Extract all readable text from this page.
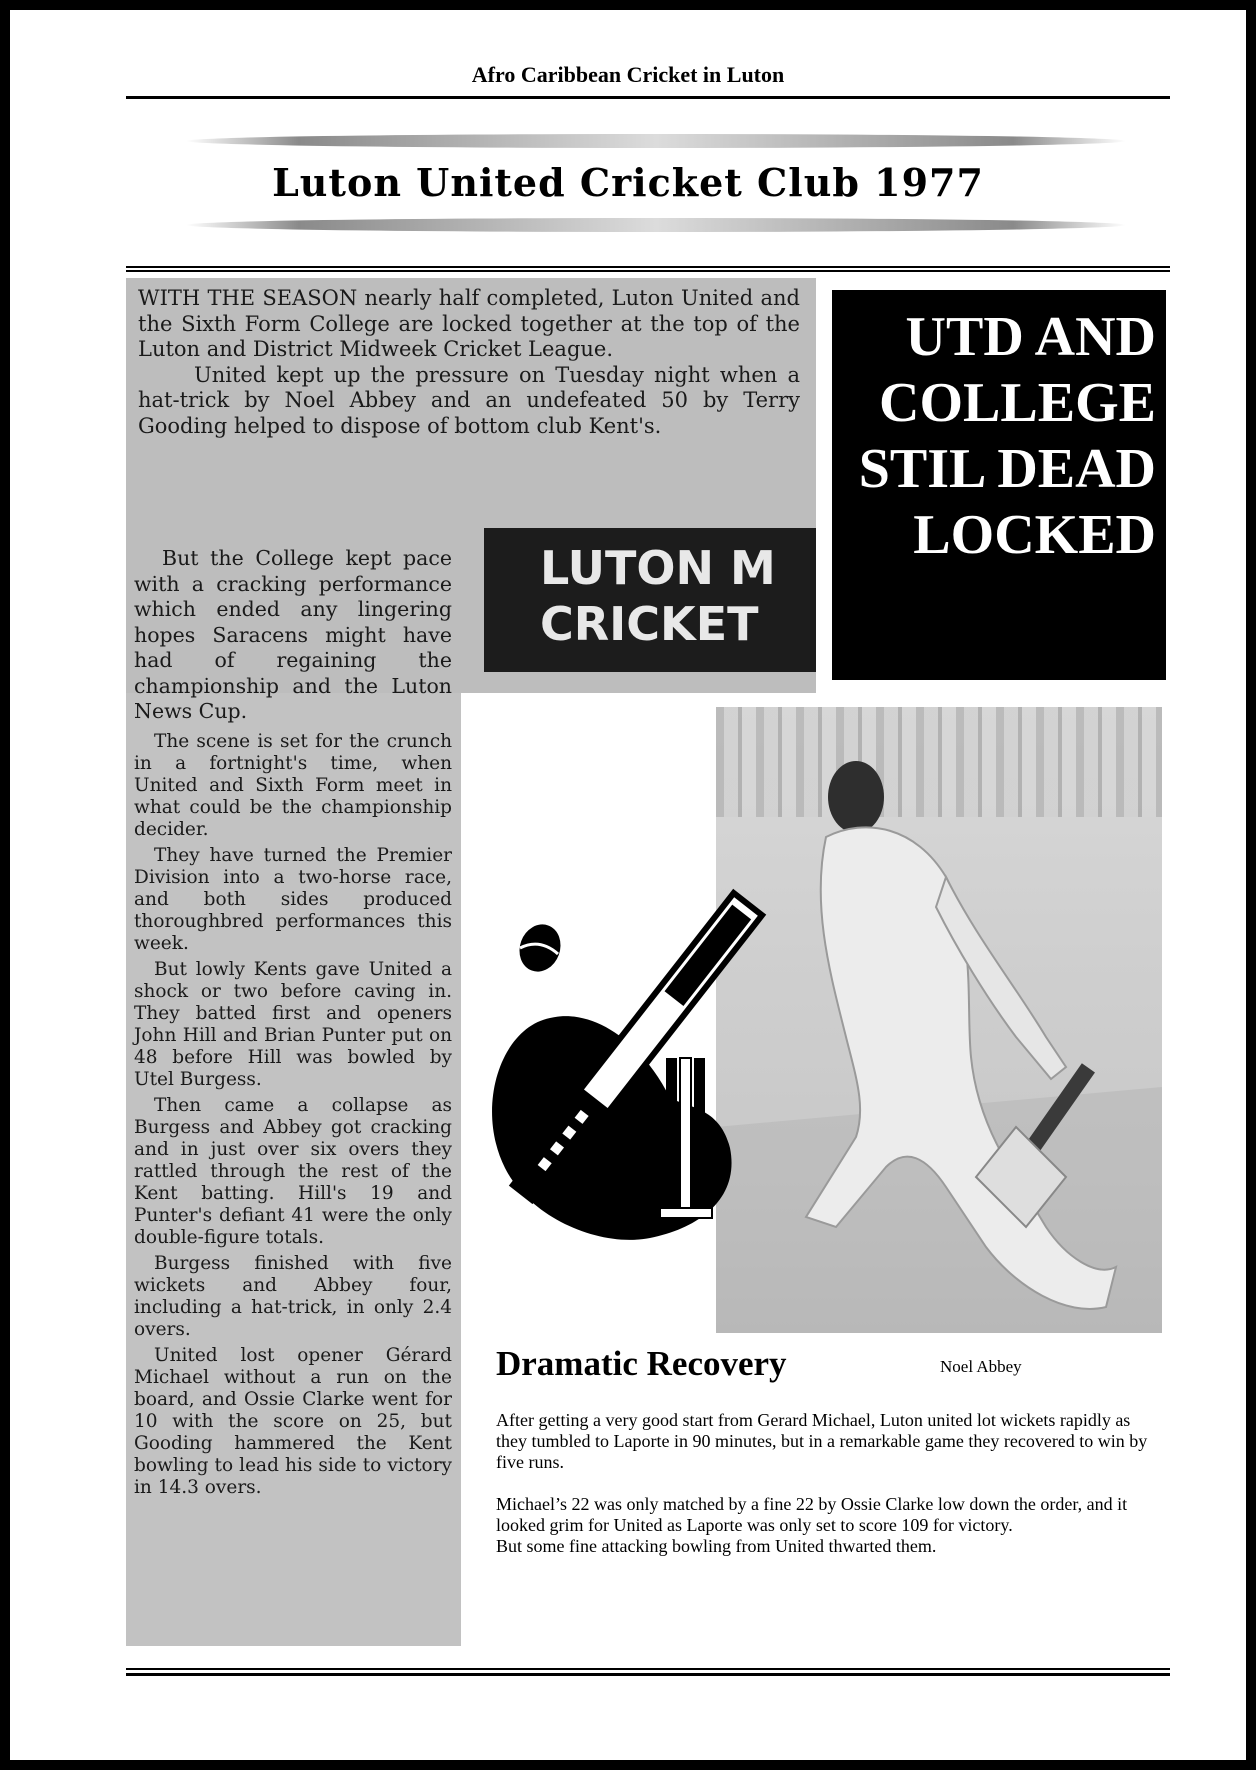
Afro Caribbean Cricket in Luton
Luton United Cricket Club 1977
WITH THE SEASON nearly half completed, Luton United and the Sixth Form College are locked together at the top of the Luton and District Midweek Cricket League.
United kept up the pressure on Tuesday night when a hat-trick by Noel Abbey and an undefeated 50 by Terry Gooding helped to dispose of bottom club Kent's.
LUTON M
CRICKET

But the College kept pace with a cracking performance which ended any lingering hopes Saracens might have had of regaining the championship and the Luton News Cup.

The scene is set for the crunch in a fortnight's time, when United and Sixth Form meet in what could be the championship decider.

They have turned the Premier Division into a two-horse race, and both sides produced thoroughbred performances this week.

But lowly Kents gave United a shock or two before caving in. They batted first and openers John Hill and Brian Punter put on 48 before Hill was bowled by Utel Burgess.

Then came a collapse as Burgess and Abbey got cracking and in just over six overs they rattled through the rest of the Kent batting. Hill's 19 and Punter's defiant 41 were the only double-figure totals.

Burgess finished with five wickets and Abbey four, including a hat-trick, in only 2.4 overs.

United lost opener Gérard Michael without a run on the board, and Ossie Clarke went for 10 with the score on 25, but Gooding hammered the Kent bowling to lead his side to victory in 14.3 overs.

UTD AND
COLLEGE
STIL DEAD
LOCKED
Dramatic Recovery	Noel Abbey

After getting a very good start from Gerard Michael, Luton united lot wickets rapidly as they tumbled to Laporte in 90 minutes, but in a remarkable game they recovered to win by five runs.

Michael’s 22 was only matched by a fine 22 by Ossie Clarke low down the order, and it looked grim for United as Laporte was only set to score 109 for victory.

But some fine attacking bowling from United thwarted them.
